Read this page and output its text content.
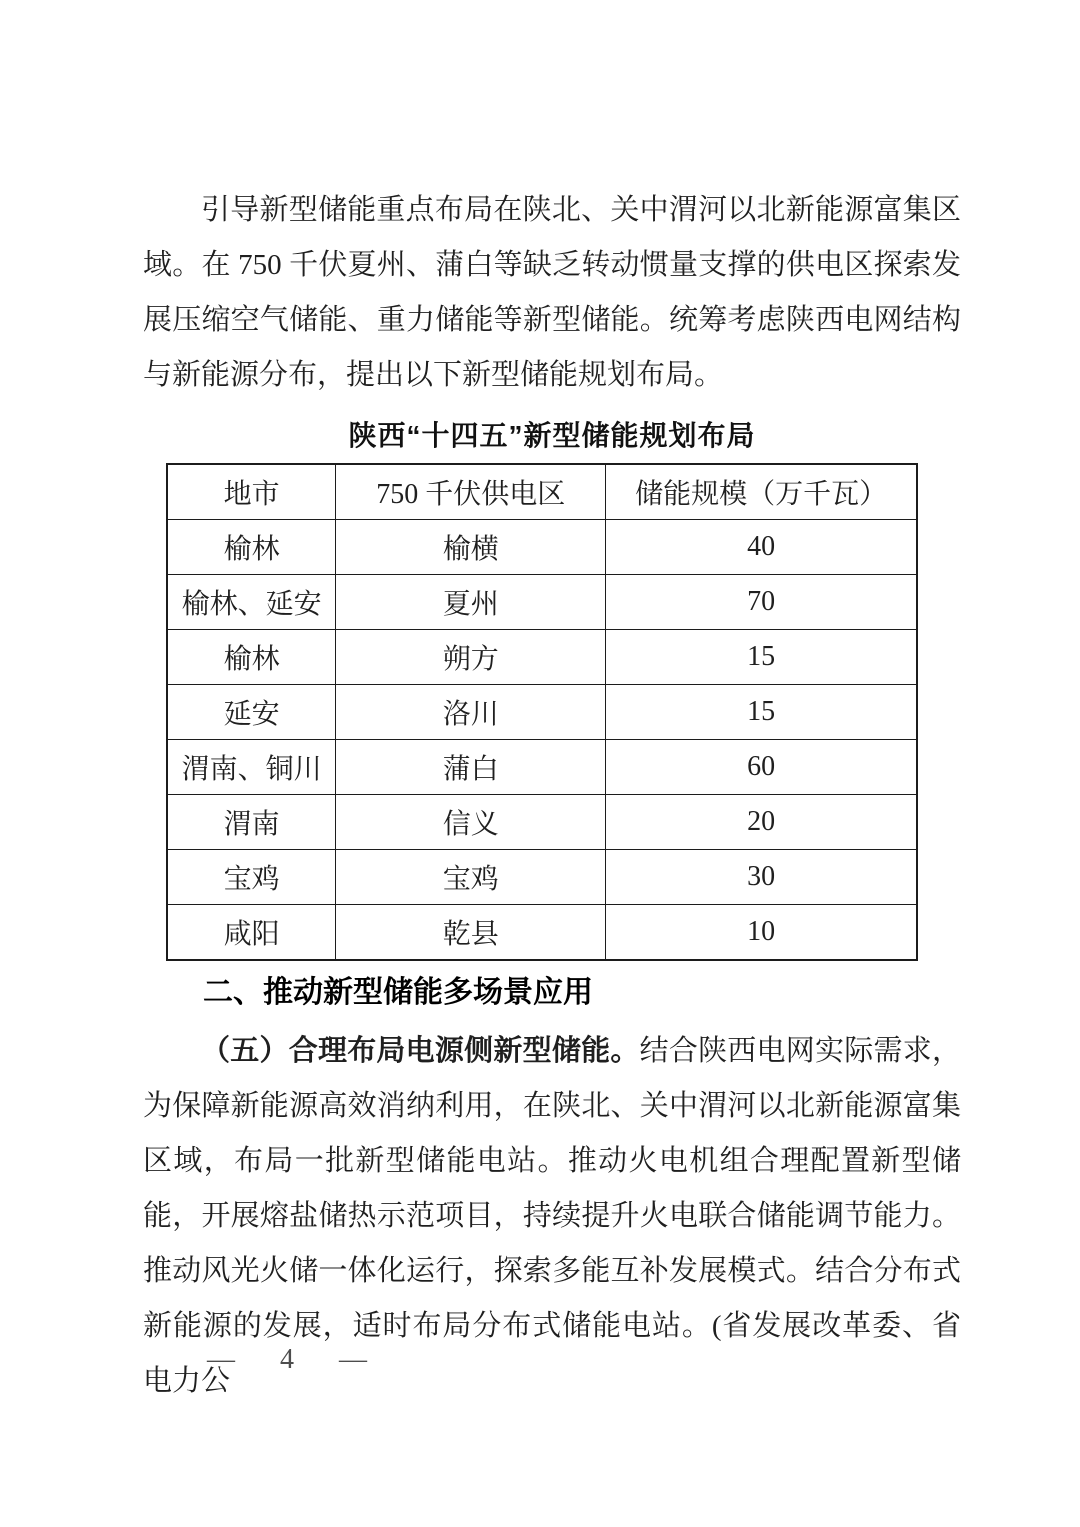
引导新型储能重点布局在陕北、关中渭河以北新能源富集区域。在 750 千伏夏州、蒲白等缺乏转动惯量支撑的供电区探索发展压缩空气储能、重力储能等新型储能。统筹考虑陕西电网结构与新能源分布，提出以下新型储能规划布局。

陕西“十四五”新型储能规划布局
地市	750 千伏供电区	储能规模（万千瓦）
榆林	榆横	40
榆林、延安	夏州	70
榆林	朔方	15
延安	洛川	15
渭南、铜川	蒲白	60
渭南	信义	20
宝鸡	宝鸡	30
咸阳	乾县	10
二、推动新型储能多场景应用

（五）合理布局电源侧新型储能。结合陕西电网实际需求，为保障新能源高效消纳利用，在陕北、关中渭河以北新能源富集区域，布局一批新型储能电站。推动火电机组合理配置新型储能，开展熔盐储热示范项目，持续提升火电联合储能调节能力。推动风光火储一体化运行，探索多能互补发展模式。结合分布式新能源的发展，适时布局分布式储能电站。(省发展改革委、省电力公

— 4 —
